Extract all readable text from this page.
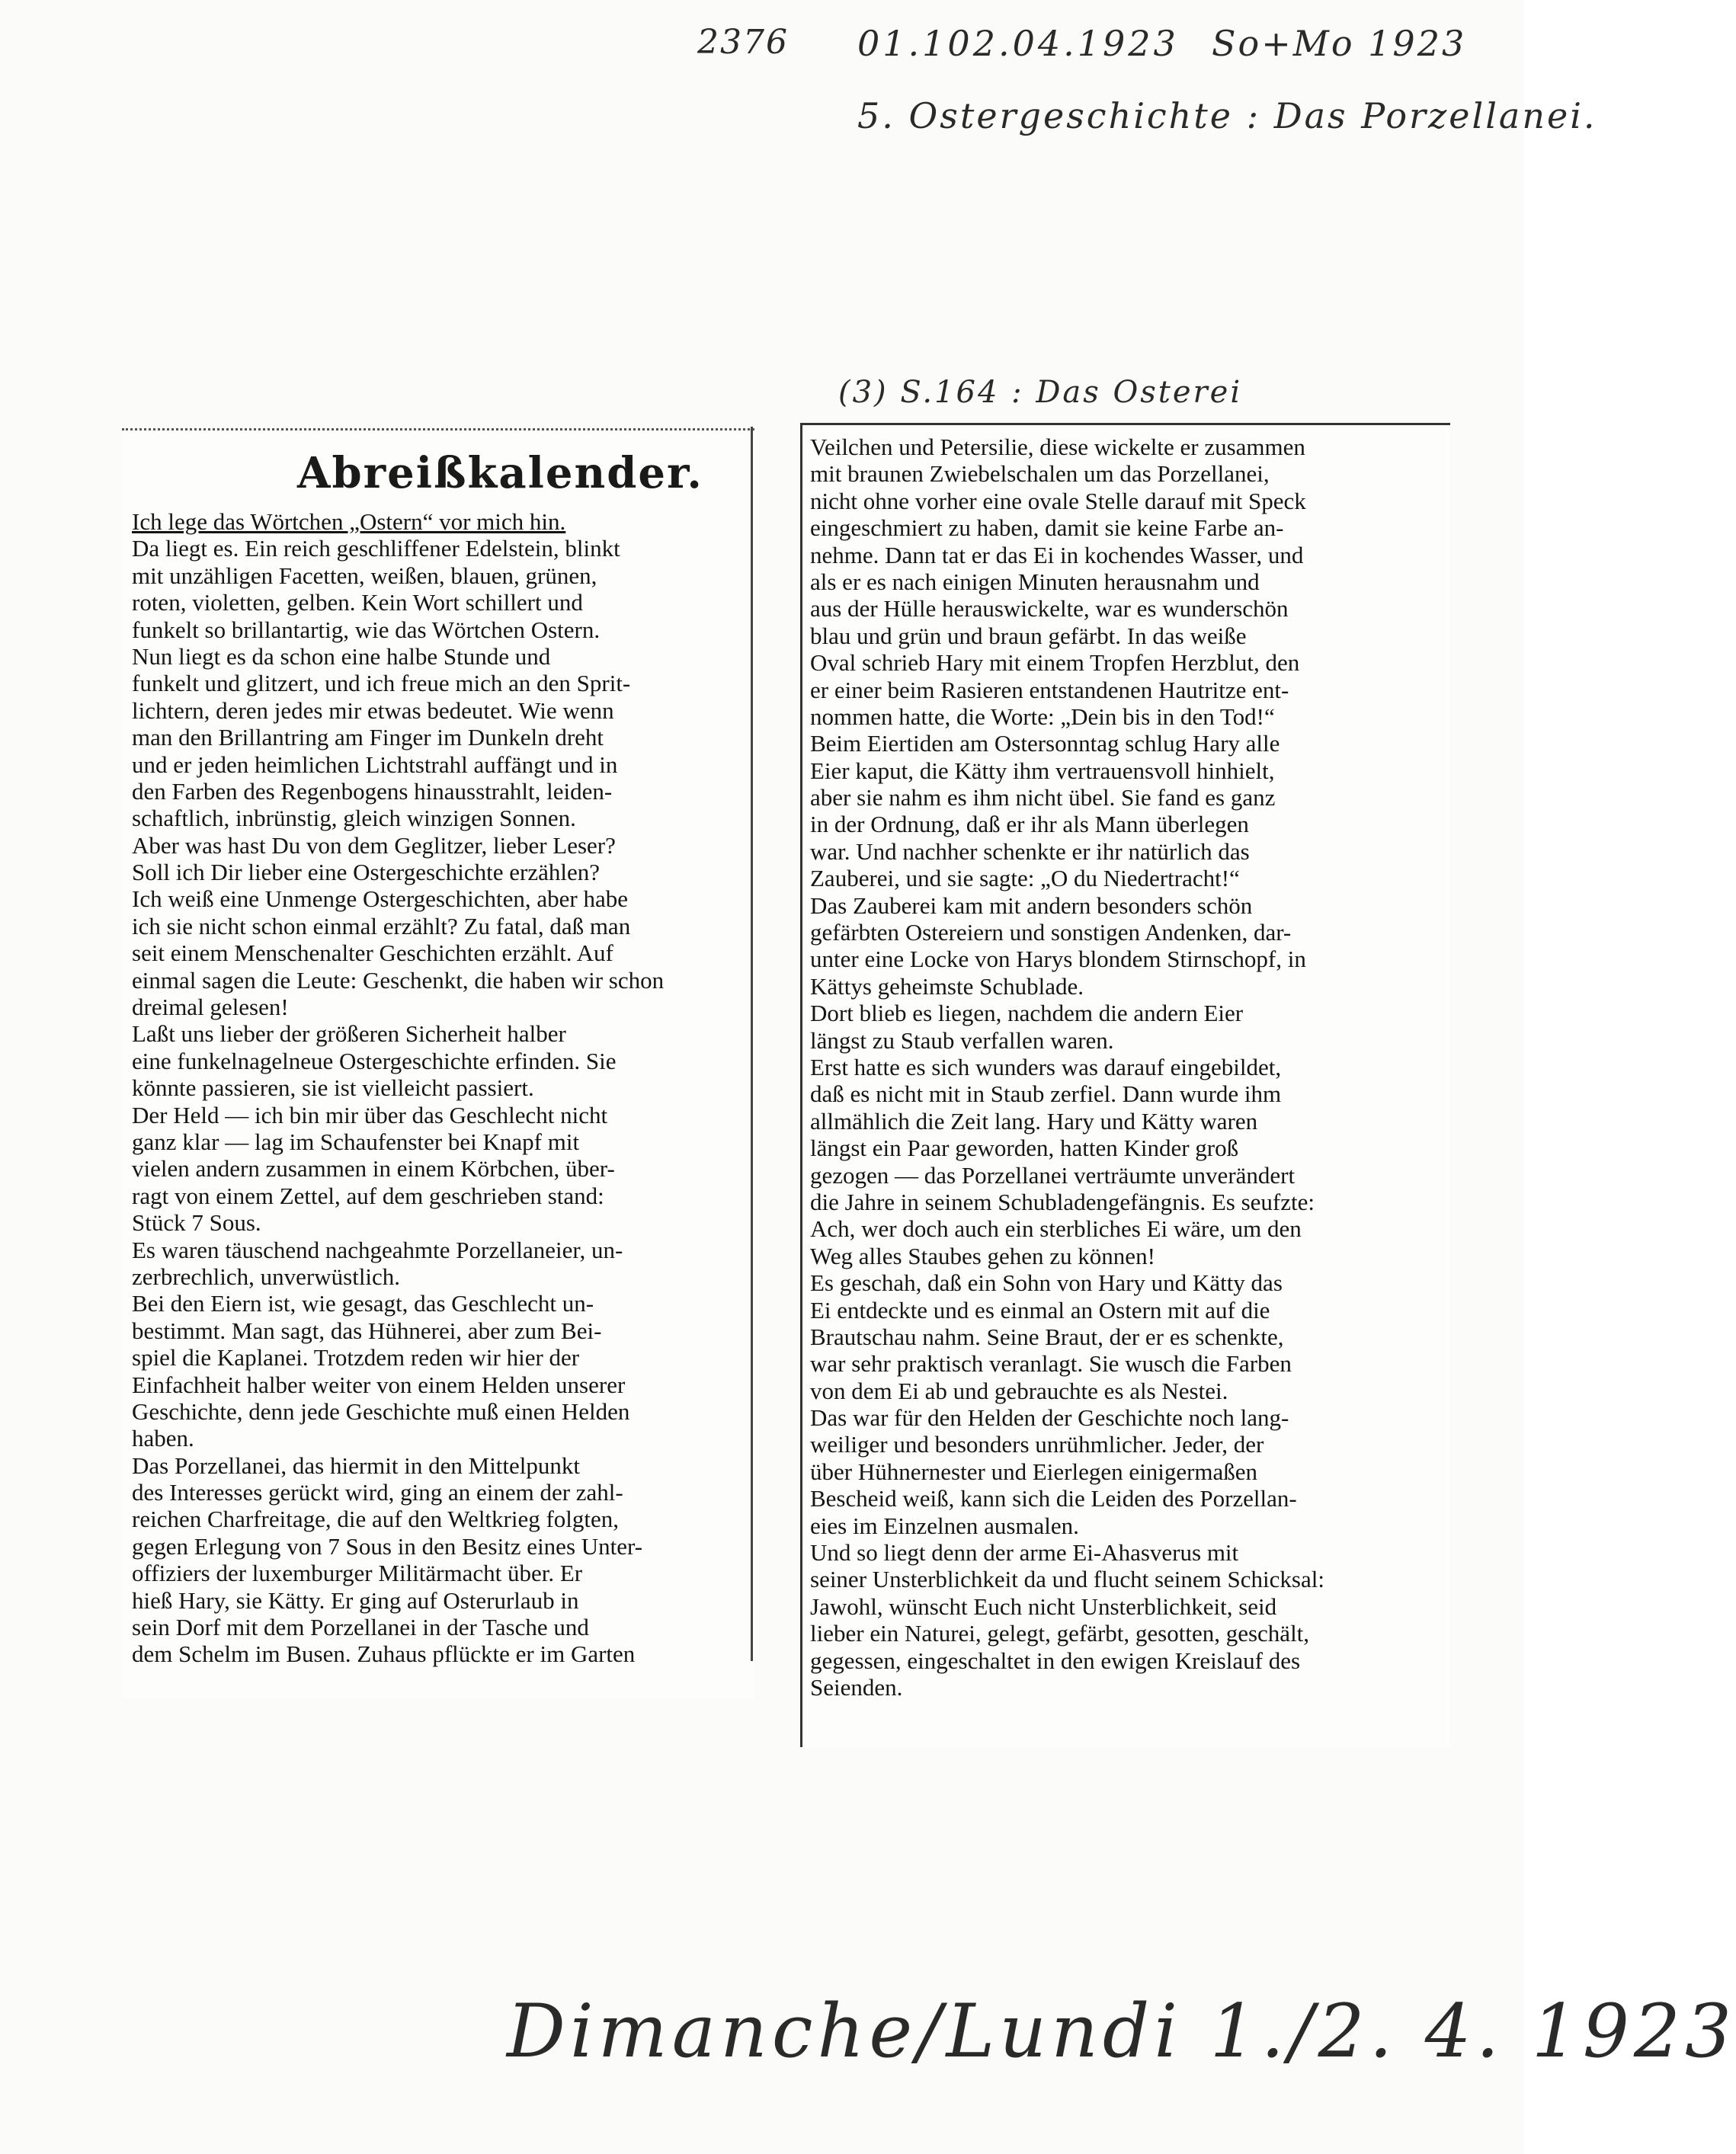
2376 01.102.04.1923 So+Mo 1923
5. Ostergeschichte : Das Porzellanei.
(3) S.164 : Das Osterei
Abreißkalender.
Ich lege das Wörtchen „Ostern“ vor mich hin.
Da liegt es. Ein reich geschliffener Edelstein, blinkt
mit unzähligen Facetten, weißen, blauen, grünen,
roten, violetten, gelben. Kein Wort schillert und
funkelt so brillantartig, wie das Wörtchen Ostern.
Nun liegt es da schon eine halbe Stunde und
funkelt und glitzert, und ich freue mich an den Sprit-
lichtern, deren jedes mir etwas bedeutet. Wie wenn
man den Brillantring am Finger im Dunkeln dreht
und er jeden heimlichen Lichtstrahl auffängt und in
den Farben des Regenbogens hinausstrahlt, leiden-
schaftlich, inbrünstig, gleich winzigen Sonnen.
Aber was hast Du von dem Geglitzer, lieber Leser?
Soll ich Dir lieber eine Ostergeschichte erzählen?
Ich weiß eine Unmenge Ostergeschichten, aber habe
ich sie nicht schon einmal erzählt? Zu fatal, daß man
seit einem Menschenalter Geschichten erzählt. Auf
einmal sagen die Leute: Geschenkt, die haben wir schon
dreimal gelesen!
Laßt uns lieber der größeren Sicherheit halber
eine funkelnagelneue Ostergeschichte erfinden. Sie
könnte passieren, sie ist vielleicht passiert.
Der Held — ich bin mir über das Geschlecht nicht
ganz klar — lag im Schaufenster bei Knapf mit
vielen andern zusammen in einem Körbchen, über-
ragt von einem Zettel, auf dem geschrieben stand:
Stück 7 Sous.
Es waren täuschend nachgeahmte Porzellaneier, un-
zerbrechlich, unverwüstlich.
Bei den Eiern ist, wie gesagt, das Geschlecht un-
bestimmt. Man sagt, das Hühnerei, aber zum Bei-
spiel die Kaplanei. Trotzdem reden wir hier der
Einfachheit halber weiter von einem Helden unserer
Geschichte, denn jede Geschichte muß einen Helden
haben.
Das Porzellanei, das hiermit in den Mittelpunkt
des Interesses gerückt wird, ging an einem der zahl-
reichen Charfreitage, die auf den Weltkrieg folgten,
gegen Erlegung von 7 Sous in den Besitz eines Unter-
offiziers der luxemburger Militärmacht über. Er
hieß Hary, sie Kätty. Er ging auf Osterurlaub in
sein Dorf mit dem Porzellanei in der Tasche und
dem Schelm im Busen. Zuhaus pflückte er im Garten
Veilchen und Petersilie, diese wickelte er zusammen
mit braunen Zwiebelschalen um das Porzellanei,
nicht ohne vorher eine ovale Stelle darauf mit Speck
eingeschmiert zu haben, damit sie keine Farbe an-
nehme. Dann tat er das Ei in kochendes Wasser, und
als er es nach einigen Minuten herausnahm und
aus der Hülle herauswickelte, war es wunderschön
blau und grün und braun gefärbt. In das weiße
Oval schrieb Hary mit einem Tropfen Herzblut, den
er einer beim Rasieren entstandenen Hautritze ent-
nommen hatte, die Worte: „Dein bis in den Tod!“
Beim Eiertiden am Ostersonntag schlug Hary alle
Eier kaput, die Kätty ihm vertrauensvoll hinhielt,
aber sie nahm es ihm nicht übel. Sie fand es ganz
in der Ordnung, daß er ihr als Mann überlegen
war. Und nachher schenkte er ihr natürlich das
Zauberei, und sie sagte: „O du Niedertracht!“
Das Zauberei kam mit andern besonders schön
gefärbten Ostereiern und sonstigen Andenken, dar-
unter eine Locke von Harys blondem Stirnschopf, in
Kättys geheimste Schublade.
Dort blieb es liegen, nachdem die andern Eier
längst zu Staub verfallen waren.
Erst hatte es sich wunders was darauf eingebildet,
daß es nicht mit in Staub zerfiel. Dann wurde ihm
allmählich die Zeit lang. Hary und Kätty waren
längst ein Paar geworden, hatten Kinder groß
gezogen — das Porzellanei verträumte unverändert
die Jahre in seinem Schubladengefängnis. Es seufzte:
Ach, wer doch auch ein sterbliches Ei wäre, um den
Weg alles Staubes gehen zu können!
Es geschah, daß ein Sohn von Hary und Kätty das
Ei entdeckte und es einmal an Ostern mit auf die
Brautschau nahm. Seine Braut, der er es schenkte,
war sehr praktisch veranlagt. Sie wusch die Farben
von dem Ei ab und gebrauchte es als Nestei.
Das war für den Helden der Geschichte noch lang-
weiliger und besonders unrühmlicher. Jeder, der
über Hühnernester und Eierlegen einigermaßen
Bescheid weiß, kann sich die Leiden des Porzellan-
eies im Einzelnen ausmalen.
Und so liegt denn der arme Ei-Ahasverus mit
seiner Unsterblichkeit da und flucht seinem Schicksal:
Jawohl, wünscht Euch nicht Unsterblichkeit, seid
lieber ein Naturei, gelegt, gefärbt, gesotten, geschält,
gegessen, eingeschaltet in den ewigen Kreislauf des
Seienden.
Dimanche/Lundi 1./2. 4. 1923
